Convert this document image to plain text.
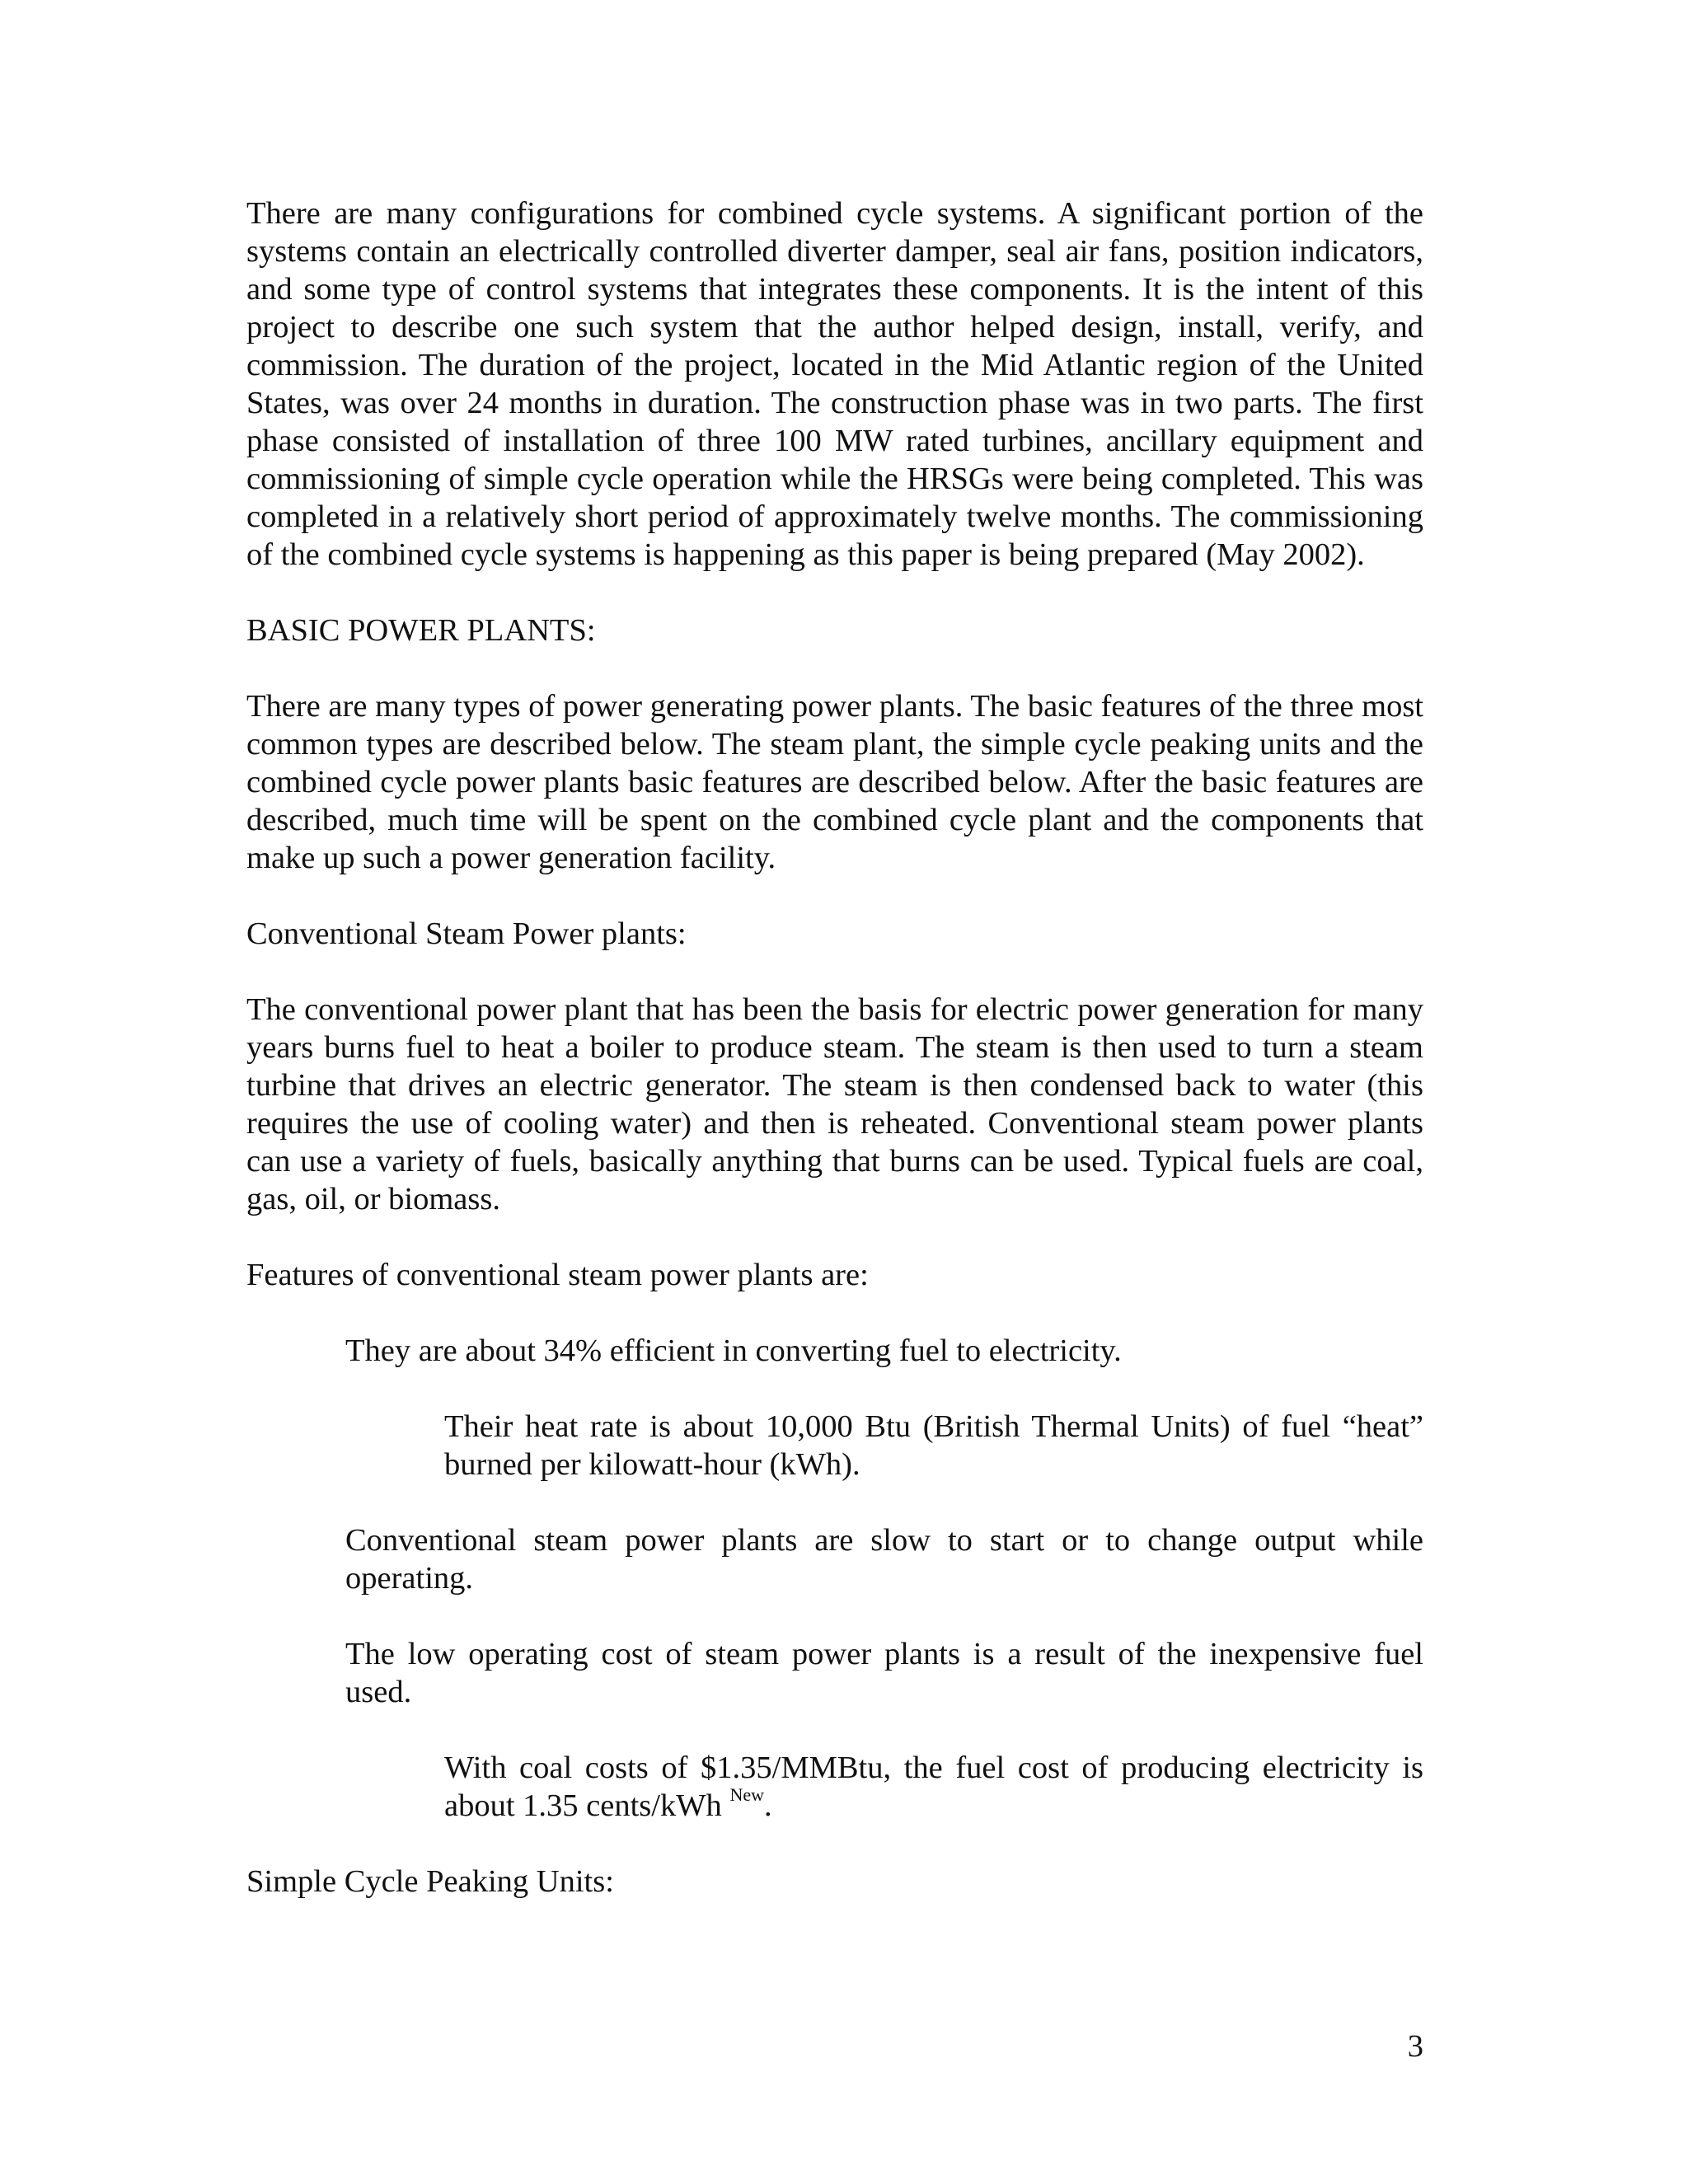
There are many configurations for combined cycle systems. A significant portion of the systems contain an electrically controlled diverter damper, seal air fans, position indicators, and some type of control systems that integrates these components. It is the intent of this project to describe one such system that the author helped design, install, verify, and commission. The duration of the project, located in the Mid Atlantic region of the United States, was over 24 months in duration. The construction phase was in two parts. The first phase consisted of installation of three 100 MW rated turbines, ancillary equipment and commissioning of simple cycle operation while the HRSGs were being completed. This was completed in a relatively short period of approximately twelve months. The commissioning of the combined cycle systems is happening as this paper is being prepared (May 2002).

BASIC POWER PLANTS:

There are many types of power generating power plants. The basic features of the three most common types are described below. The steam plant, the simple cycle peaking units and the combined cycle power plants basic features are described below. After the basic features are described, much time will be spent on the combined cycle plant and the components that make up such a power generation facility.

Conventional Steam Power plants:

The conventional power plant that has been the basis for electric power generation for many years burns fuel to heat a boiler to produce steam. The steam is then used to turn a steam turbine that drives an electric generator. The steam is then condensed back to water (this requires the use of cooling water) and then is reheated. Conventional steam power plants can use a variety of fuels, basically anything that burns can be used. Typical fuels are coal, gas, oil, or biomass.

Features of conventional steam power plants are:

They are about 34% efficient in converting fuel to electricity.

Their heat rate is about 10,000 Btu (British Thermal Units) of fuel “heat” burned per kilowatt-hour (kWh).

Conventional steam power plants are slow to start or to change output while operating.

The low operating cost of steam power plants is a result of the inexpensive fuel used.

With coal costs of $1.35/MMBtu, the fuel cost of producing electricity is about 1.35 cents/kWh $^{New}$.

Simple Cycle Peaking Units:

3
